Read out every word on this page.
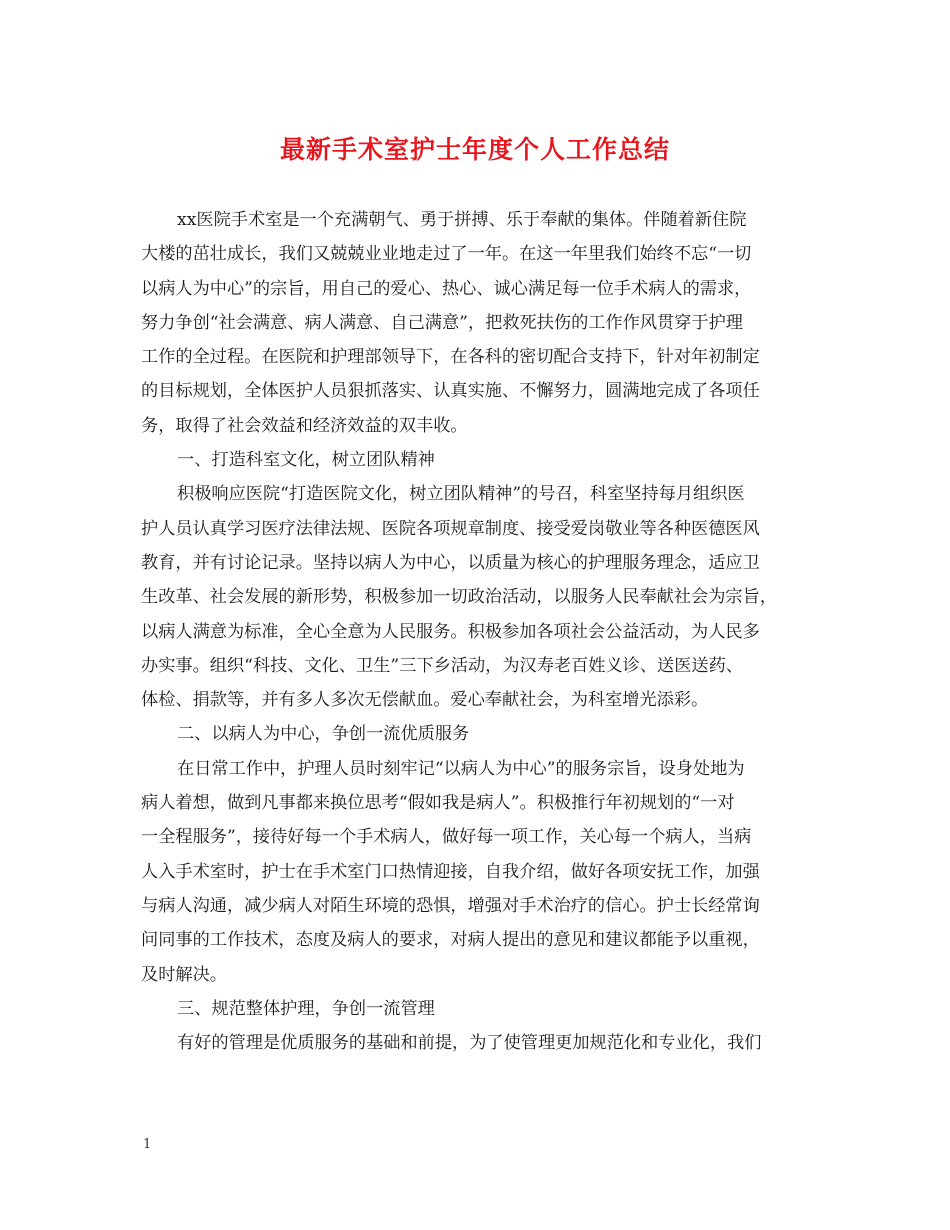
最新手术室护士年度个人工作总结
xx医院手术室是一个充满朝气、勇于拼搏、乐于奉献的集体。伴随着新住院
大楼的茁壮成长，我们又兢兢业业地走过了一年。在这一年里我们始终不忘“一切
以病人为中心”的宗旨，用自己的爱心、热心、诚心满足每一位手术病人的需求，
努力争创“社会满意、病人满意、自己满意”，把救死扶伤的工作作风贯穿于护理
工作的全过程。在医院和护理部领导下，在各科的密切配合支持下，针对年初制定
的目标规划，全体医护人员狠抓落实、认真实施、不懈努力，圆满地完成了各项任
务，取得了社会效益和经济效益的双丰收。
一、打造科室文化，树立团队精神
积极响应医院“打造医院文化，树立团队精神”的号召，科室坚持每月组织医
护人员认真学习医疗法律法规、医院各项规章制度、接受爱岗敬业等各种医德医风
教育，并有讨论记录。坚持以病人为中心，以质量为核心的护理服务理念，适应卫
生改革、社会发展的新形势，积极参加一切政治活动，以服务人民奉献社会为宗旨，
以病人满意为标准，全心全意为人民服务。积极参加各项社会公益活动，为人民多
办实事。组织“科技、文化、卫生”三下乡活动，为汉寿老百姓义诊、送医送药、
体检、捐款等，并有多人多次无偿献血。爱心奉献社会，为科室增光添彩。
二、以病人为中心，争创一流优质服务
在日常工作中，护理人员时刻牢记“以病人为中心”的服务宗旨，设身处地为
病人着想，做到凡事都来换位思考“假如我是病人”。积极推行年初规划的“一对
一全程服务”，接待好每一个手术病人，做好每一项工作，关心每一个病人，当病
人入手术室时，护士在手术室门口热情迎接，自我介绍，做好各项安抚工作，加强
与病人沟通，减少病人对陌生环境的恐惧，增强对手术治疗的信心。护士长经常询
问同事的工作技术，态度及病人的要求，对病人提出的意见和建议都能予以重视，
及时解决。
三、规范整体护理，争创一流管理
有好的管理是优质服务的基础和前提，为了使管理更加规范化和专业化，我们
1
